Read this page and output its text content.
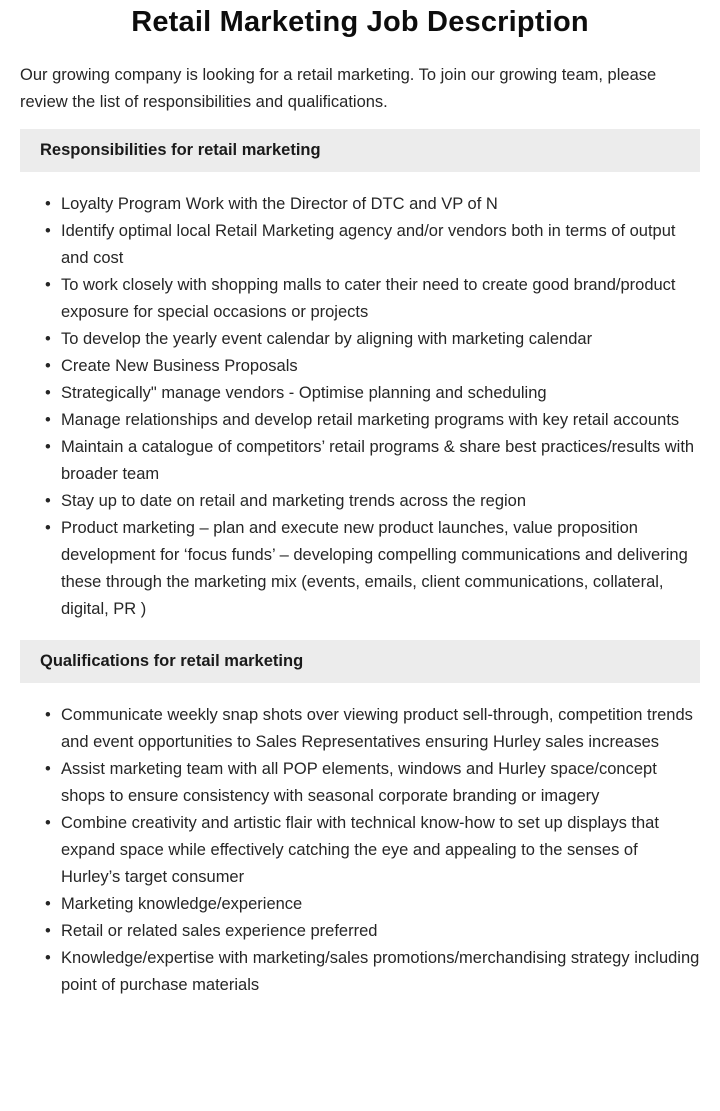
Retail Marketing Job Description

Our growing company is looking for a retail marketing. To join our growing team, please review the list of responsibilities and qualifications.

Responsibilities for retail marketing
• Loyalty Program Work with the Director of DTC and VP of N
• Identify optimal local Retail Marketing agency and/or vendors both in terms of output and cost
• To work closely with shopping malls to cater their need to create good brand/product exposure for special occasions or projects
• To develop the yearly event calendar by aligning with marketing calendar
• Create New Business Proposals
• Strategically" manage vendors - Optimise planning and scheduling
• Manage relationships and develop retail marketing programs with key retail accounts
• Maintain a catalogue of competitors’ retail programs & share best practices/results with broader team
• Stay up to date on retail and marketing trends across the region
• Product marketing – plan and execute new product launches, value proposition development for ‘focus funds’ – developing compelling communications and delivering these through the marketing mix (events, emails, client communications, collateral, digital, PR )
Qualifications for retail marketing
• Communicate weekly snap shots over viewing product sell-through, competition trends and event opportunities to Sales Representatives ensuring Hurley sales increases
• Assist marketing team with all POP elements, windows and Hurley space/concept shops to ensure consistency with seasonal corporate branding or imagery
• Combine creativity and artistic flair with technical know-how to set up displays that expand space while effectively catching the eye and appealing to the senses of Hurley’s target consumer
• Marketing knowledge/experience
• Retail or related sales experience preferred
• Knowledge/expertise with marketing/sales promotions/merchandising strategy including point of purchase materials
